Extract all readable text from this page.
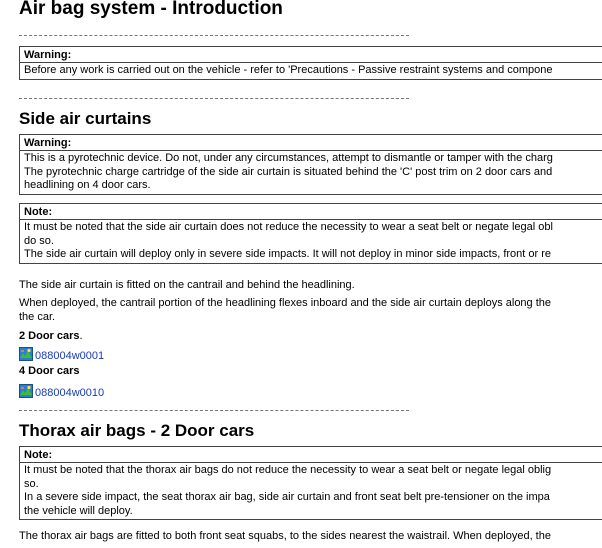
Air bag system - Introduction
Warning:
Before any work is carried out on the vehicle - refer to 'Precautions - Passive restraint systems and compone
Side air curtains
Warning:
This is a pyrotechnic device. Do not, under any circumstances, attempt to dismantle or tamper with the charg
The pyrotechnic charge cartridge of the side air curtain is situated behind the 'C' post trim on 2 door cars and
headlining on 4 door cars.
Note:
It must be noted that the side air curtain does not reduce the necessity to wear a seat belt or negate legal obl
do so.
The side air curtain will deploy only in severe side impacts. It will not deploy in minor side impacts, front or re
The side air curtain is fitted on the cantrail and behind the headlining.
When deployed, the cantrail portion of the headlining flexes inboard and the side air curtain deploys along the
the car.
2 Door cars.
088004w0001
4 Door cars
088004w0010
Thorax air bags - 2 Door cars
Note:
It must be noted that the thorax air bags do not reduce the necessity to wear a seat belt or negate legal oblig
so.
In a severe side impact, the seat thorax air bag, side air curtain and front seat belt pre-tensioner on the impa
the vehicle will deploy.
The thorax air bags are fitted to both front seat squabs, to the sides nearest the waistrail. When deployed, the
